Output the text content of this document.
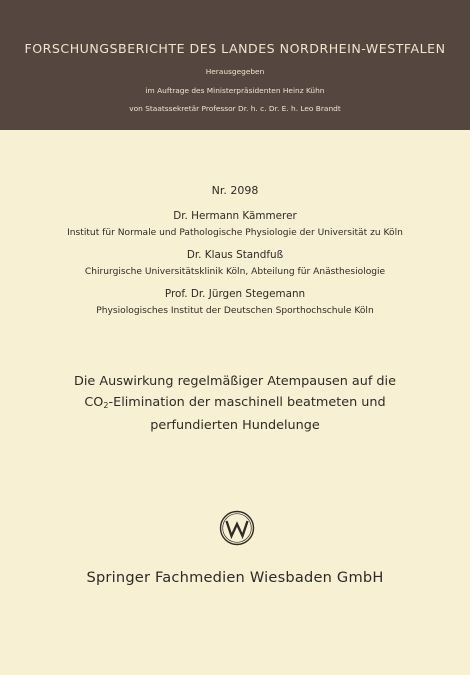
FORSCHUNGSBERICHTE DES LANDES NORDRHEIN-WESTFALEN
Herausgegeben
im Auftrage des Ministerpräsidenten Heinz Kühn
von Staatssekretär Professor Dr. h. c. Dr. E. h. Leo Brandt
Nr. 2098
Dr. Hermann Kämmerer
Institut für Normale und Pathologische Physiologie der Universität zu Köln
Dr. Klaus Standfuß
Chirurgische Universitätsklinik Köln, Abteilung für Anästhesiologie
Prof. Dr. Jürgen Stegemann
Physiologisches Institut der Deutschen Sporthochschule Köln
Die Auswirkung regelmäßiger Atempausen auf die
$CO_2$-Elimination der maschinell beatmeten und
perfundierten Hundelunge
Springer Fachmedien Wiesbaden GmbH
